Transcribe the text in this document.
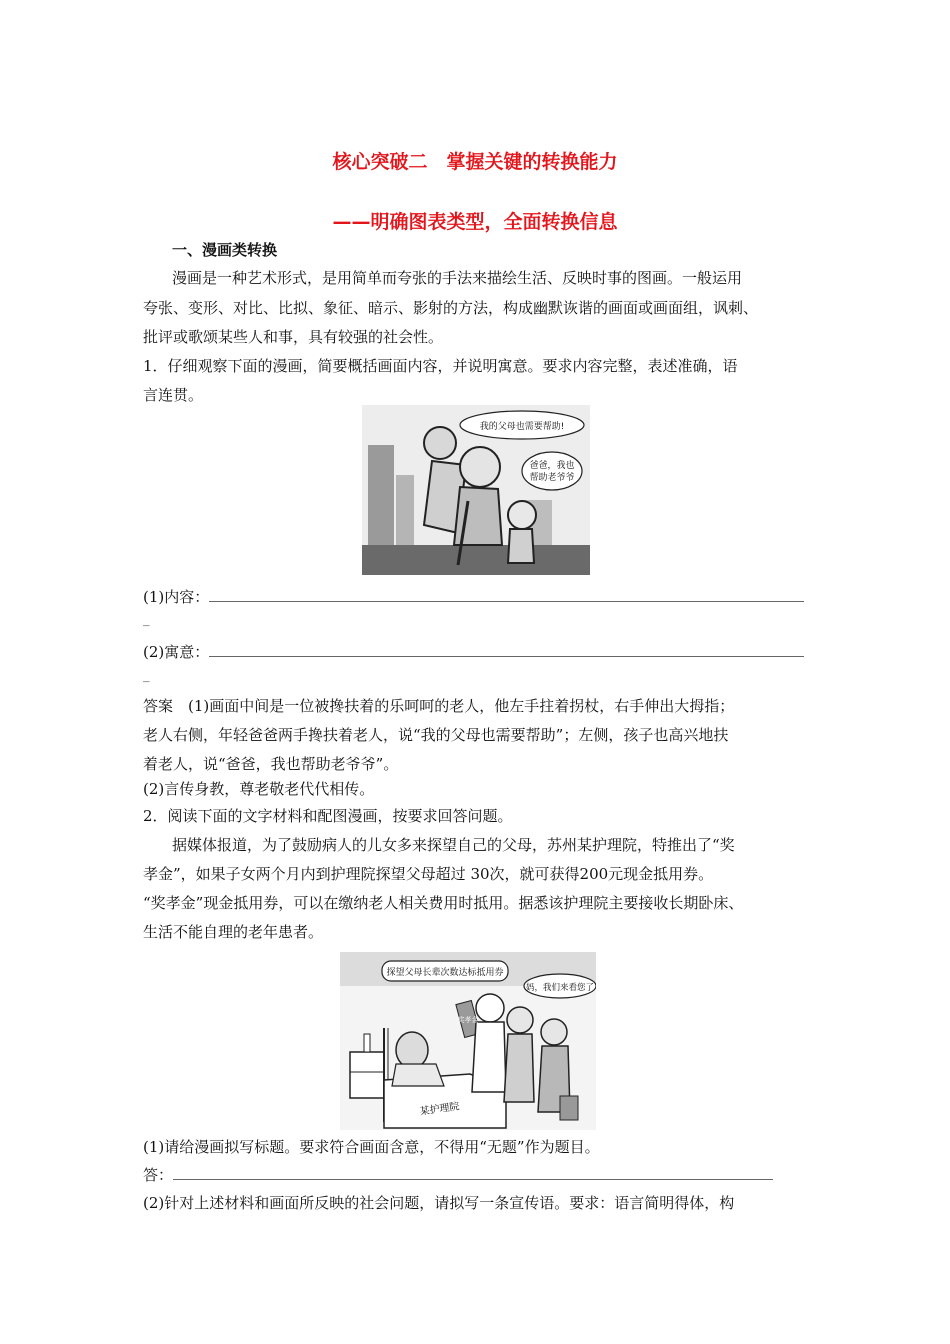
核心突破二　掌握关键的转换能力
——明确图表类型，全面转换信息
一、漫画类转换
漫画是一种艺术形式，是用简单而夸张的手法来描绘生活、反映时事的图画。一般运用
夸张、变形、对比、比拟、象征、暗示、影射的方法，构成幽默诙谐的画面或画面组，讽刺、
批评或歌颂某些人和事，具有较强的社会性。
1．仔细观察下面的漫画，简要概括画面内容，并说明寓意。要求内容完整，表述准确，语
言连贯。
我的父母也需要帮助!
爸爸，我也
帮助老爷爷
(1)内容：
_
(2)寓意：
_
答案　(1)画面中间是一位被搀扶着的乐呵呵的老人，他左手拄着拐杖，右手伸出大拇指；
老人右侧，年轻爸爸两手搀扶着老人，说“我的父母也需要帮助”；左侧，孩子也高兴地扶
着老人，说“爸爸，我也帮助老爷爷”。
(2)言传身教，尊老敬老代代相传。
2．阅读下面的文字材料和配图漫画，按要求回答问题。
据媒体报道，为了鼓励病人的儿女多来探望自己的父母，苏州某护理院，特推出了“奖
孝金”，如果子女两个月内到护理院探望父母超过 30次，就可获得200元现金抵用券。
“奖孝金”现金抵用券，可以在缴纳老人相关费用时抵用。据悉该护理院主要接收长期卧床、
生活不能自理的老年患者。
探望父母长辈次数达标抵用券
妈，我们来看您了
某护理院
奖孝金
(1)请给漫画拟写标题。要求符合画面含意，不得用“无题”作为题目。
答：
(2)针对上述材料和画面所反映的社会问题，请拟写一条宣传语。要求：语言简明得体，构
